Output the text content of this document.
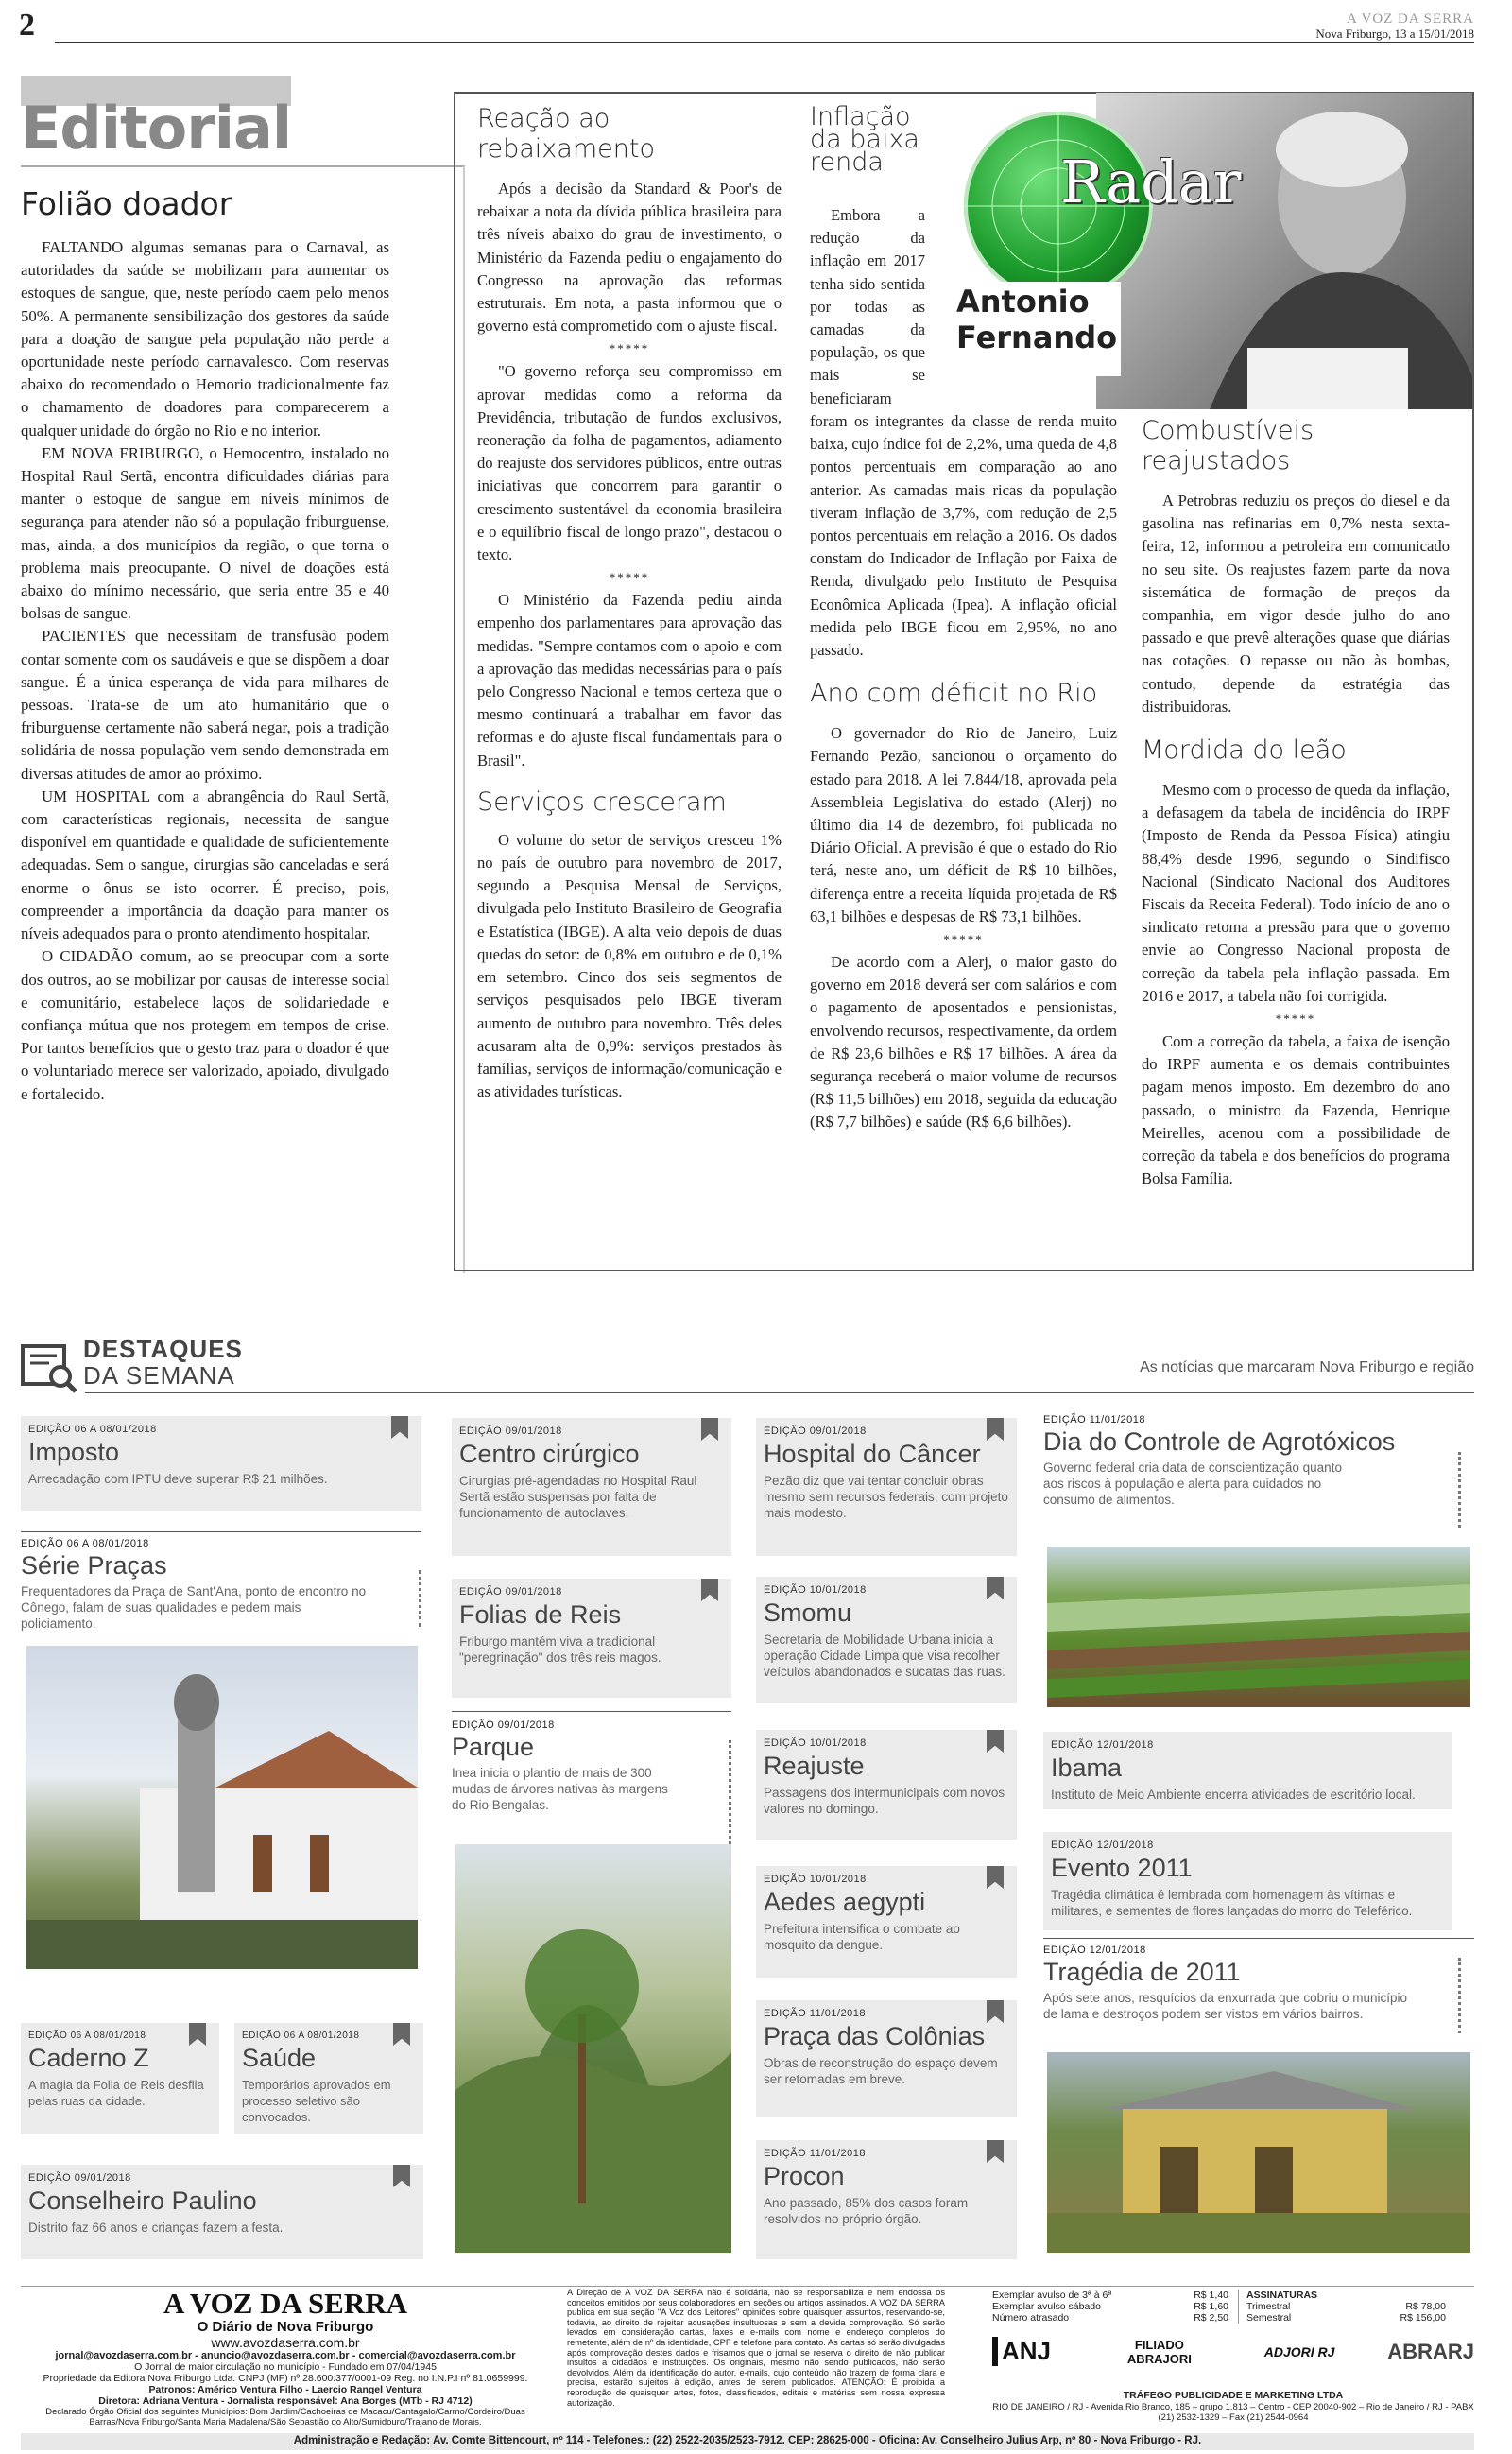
2	A VOZ DA SERRA
Nova Friburgo, 13 a 15/01/2018
Editorial
Folião doador

FALTANDO algumas semanas para o Carnaval, as autoridades da saúde se mobilizam para aumentar os estoques de sangue, que, neste período caem pelo menos 50%. A permanente sensibilização dos gestores da saúde para a doação de sangue pela população não perde a oportunidade neste período carnavalesco. Com reservas abaixo do recomendado o Hemorio tradicionalmente faz o chamamento de doadores para comparecerem a qualquer unidade do órgão no Rio e no interior.

EM NOVA FRIBURGO, o Hemocentro, instalado no Hospital Raul Sertã, encontra dificuldades diárias para manter o estoque de sangue em níveis mínimos de segurança para atender não só a população friburguense, mas, ainda, a dos municípios da região, o que torna o problema mais preocupante. O nível de doações está abaixo do mínimo necessário, que seria entre 35 e 40 bolsas de sangue.

PACIENTES que necessitam de transfusão podem contar somente com os saudáveis e que se dispõem a doar sangue. É a única esperança de vida para milhares de pessoas. Trata-se de um ato humanitário que o friburguense certamente não saberá negar, pois a tradição solidária de nossa população vem sendo demonstrada em diversas atitudes de amor ao próximo.

UM HOSPITAL com a abrangência do Raul Sertã, com características regionais, necessita de sangue disponível em quantidade e qualidade de suficientemente adequadas. Sem o sangue, cirurgias são canceladas e será enorme o ônus se isto ocorrer. É preciso, pois, compreender a importância da doação para manter os níveis adequados para o pronto atendimento hospitalar.

O CIDADÃO comum, ao se preocupar com a sorte dos outros, ao se mobilizar por causas de interesse social e comunitário, estabelece laços de solidariedade e confiança mútua que nos protegem em tempos de crise. Por tantos benefícios que o gesto traz para o doador é que o voluntariado merece ser valorizado, apoiado, divulgado e fortalecido.

Reação ao rebaixamento

Após a decisão da Standard & Poor's de rebaixar a nota da dívida pública brasileira para três níveis abaixo do grau de investimento, o Ministério da Fazenda pediu o engajamento do Congresso na aprovação das reformas estruturais. Em nota, a pasta informou que o governo está comprometido com o ajuste fiscal.

*****

"O governo reforça seu compromisso em aprovar medidas como a reforma da Previdência, tributação de fundos exclusivos, reoneração da folha de pagamentos, adiamento do reajuste dos servidores públicos, entre outras iniciativas que concorrem para garantir o crescimento sustentável da economia brasileira e o equilíbrio fiscal de longo prazo", destacou o texto.

*****

O Ministério da Fazenda pediu ainda empenho dos parlamentares para aprovação das medidas. "Sempre contamos com o apoio e com a aprovação das medidas necessárias para o país pelo Congresso Nacional e temos certeza que o mesmo continuará a trabalhar em favor das reformas e do ajuste fiscal fundamentais para o Brasil".

Serviços cresceram

O volume do setor de serviços cresceu 1% no país de outubro para novembro de 2017, segundo a Pesquisa Mensal de Serviços, divulgada pelo Instituto Brasileiro de Geografia e Estatística (IBGE). A alta veio depois de duas quedas do setor: de 0,8% em outubro e de 0,1% em setembro. Cinco dos seis segmentos de serviços pesquisados pelo IBGE tiveram aumento de outubro para novembro. Três deles acusaram alta de 0,9%: serviços prestados às famílias, serviços de informação/comunicação e as atividades turísticas.

Inflação da baixa renda
Embora a redução da inflação em 2017 tenha sido sentida por todas as camadas da população, os que mais se beneficiaram

foram os integrantes da classe de renda muito baixa, cujo índice foi de 2,2%, uma queda de 4,8 pontos percentuais em comparação ao ano anterior. As camadas mais ricas da população tiveram inflação de 3,7%, com redução de 2,5 pontos percentuais em relação a 2016. Os dados constam do Indicador de Inflação por Faixa de Renda, divulgado pelo Instituto de Pesquisa Econômica Aplicada (Ipea). A inflação oficial medida pelo IBGE ficou em 2,95%, no ano passado.

Ano com déficit no Rio

O governador do Rio de Janeiro, Luiz Fernando Pezão, sancionou o orçamento do estado para 2018. A lei 7.844/18, aprovada pela Assembleia Legislativa do estado (Alerj) no último dia 14 de dezembro, foi publicada no Diário Oficial. A previsão é que o estado do Rio terá, neste ano, um déficit de R$ 10 bilhões, diferença entre a receita líquida projetada de R$ 63,1 bilhões e despesas de R$ 73,1 bilhões.

*****

De acordo com a Alerj, o maior gasto do governo em 2018 deverá ser com salários e com o pagamento de aposentados e pensionistas, envolvendo recursos, respectivamente, da ordem de R$ 23,6 bilhões e R$ 17 bilhões. A área da segurança receberá o maior volume de recursos (R$ 11,5 bilhões) em 2018, seguida da educação (R$ 7,7 bilhões) e saúde (R$ 6,6 bilhões).

Radar
Antonio
Fernando
Combustíveis reajustados

A Petrobras reduziu os preços do diesel e da gasolina nas refinarias em 0,7% nesta sexta-feira, 12, informou a petroleira em comunicado no seu site. Os reajustes fazem parte da nova sistemática de formação de preços da companhia, em vigor desde julho do ano passado e que prevê alterações quase que diárias nas cotações. O repasse ou não às bombas, contudo, depende da estratégia das distribuidoras.

Mordida do leão

Mesmo com o processo de queda da inflação, a defasagem da tabela de incidência do IRPF (Imposto de Renda da Pessoa Física) atingiu 88,4% desde 1996, segundo o Sindifisco Nacional (Sindicato Nacional dos Auditores Fiscais da Receita Federal). Todo início de ano o sindicato retoma a pressão para que o governo envie ao Congresso Nacional proposta de correção da tabela pela inflação passada. Em 2016 e 2017, a tabela não foi corrigida.

*****

Com a correção da tabela, a faixa de isenção do IRPF aumenta e os demais contribuintes pagam menos imposto. Em dezembro do ano passado, o ministro da Fazenda, Henrique Meirelles, acenou com a possibilidade de correção da tabela e dos benefícios do programa Bolsa Família.

DESTAQUES
DA SEMANA	As notícias que marcaram Nova Friburgo e região
EDIÇÃO 06 A 08/01/2018
Imposto
Arrecadação com IPTU deve superar R$ 21 milhões.
EDIÇÃO 06 A 08/01/2018
Série Praças
Frequentadores da Praça de Sant'Ana, ponto de encontro no Cônego, falam de suas qualidades e pedem mais policiamento.
EDIÇÃO 06 A 08/01/2018
Caderno Z
A magia da Folia de Reis desfila pelas ruas da cidade.
EDIÇÃO 06 A 08/01/2018
Saúde
Temporários aprovados em processo seletivo são convocados.
EDIÇÃO 09/01/2018
Conselheiro Paulino
Distrito faz 66 anos e crianças fazem a festa.
EDIÇÃO 09/01/2018
Centro cirúrgico
Cirurgias pré-agendadas no Hospital Raul Sertã estão suspensas por falta de funcionamento de autoclaves.
EDIÇÃO 09/01/2018
Folias de Reis
Friburgo mantém viva a tradicional "peregrinação" dos três reis magos.
EDIÇÃO 09/01/2018
Parque
Inea inicia o plantio de mais de 300 mudas de árvores nativas às margens do Rio Bengalas.
EDIÇÃO 09/01/2018
Hospital do Câncer
Pezão diz que vai tentar concluir obras mesmo sem recursos federais, com projeto mais modesto.
EDIÇÃO 10/01/2018
Smomu
Secretaria de Mobilidade Urbana inicia a operação Cidade Limpa que visa recolher veículos abandonados e sucatas das ruas.
EDIÇÃO 10/01/2018
Reajuste
Passagens dos intermunicipais com novos valores no domingo.
EDIÇÃO 10/01/2018
Aedes aegypti
Prefeitura intensifica o combate ao mosquito da dengue.
EDIÇÃO 11/01/2018
Praça das Colônias
Obras de reconstrução do espaço devem ser retomadas em breve.
EDIÇÃO 11/01/2018
Procon
Ano passado, 85% dos casos foram resolvidos no próprio órgão.
EDIÇÃO 11/01/2018
Dia do Controle de Agrotóxicos
Governo federal cria data de conscientização quanto aos riscos à população e alerta para cuidados no consumo de alimentos.
EDIÇÃO 12/01/2018
Ibama
Instituto de Meio Ambiente encerra atividades de escritório local.
EDIÇÃO 12/01/2018
Evento 2011
Tragédia climática é lembrada com homenagem às vítimas e militares, e sementes de flores lançadas do morro do Teleférico.
EDIÇÃO 12/01/2018
Tragédia de 2011
Após sete anos, resquícios da enxurrada que cobriu o município de lama e destroços podem ser vistos em vários bairros.
A VOZ DA SERRA
O Diário de Nova Friburgo
www.avozdaserra.com.br
jornal@avozdaserra.com.br - anuncio@avozdaserra.com.br - comercial@avozdaserra.com.br
O Jornal de maior circulação no município - Fundado em 07/04/1945
Propriedade da Editora Nova Friburgo Ltda. CNPJ (MF) nº 28.600.377/0001-09 Reg. no I.N.P.I nº 81.0659999.
Patronos: Américo Ventura Filho - Laercio Rangel Ventura
Diretora: Adriana Ventura - Jornalista responsável: Ana Borges (MTb - RJ 4712)
Declarado Órgão Oficial dos seguintes Municípios: Bom Jardim/Cachoeiras de Macacu/Cantagalo/Carmo/Cordeiro/Duas Barras/Nova Friburgo/Santa Maria Madalena/São Sebastião do Alto/Sumidouro/Trajano de Morais.
A Direção de A VOZ DA SERRA não é solidária, não se responsabiliza e nem endossa os conceitos emitidos por seus colaboradores em seções ou artigos assinados. A VOZ DA SERRA publica em sua seção "A Voz dos Leitores" opiniões sobre quaisquer assuntos, reservando-se, todavia, ao direito de rejeitar acusações insultuosas e sem a devida comprovação. Só serão levados em consideração cartas, faxes e e-mails com nome e endereço completos do remetente, além de nº da identidade, CPF e telefone para contato. As cartas só serão divulgadas após comprovação destes dados e frisamos que o jornal se reserva o direito de não publicar insultos a cidadãos e instituições. Os originais, mesmo não sendo publicados, não serão devolvidos. Além da identificação do autor, e-mails, cujo conteúdo não trazem de forma clara e precisa, estarão sujeitos à edição, antes de serem publicados. ATENÇÃO: É proibida a reprodução de quaisquer artes, fotos, classificados, editais e matérias sem nossa expressa autorização.
Exemplar avulso de 3ª à 6ª	R$ 1,40
Exemplar avulso sábado	R$ 1,60
Número atrasado	R$ 2,50
ASSINATURAS
Trimestral	R$ 78,00
Semestral	R$ 156,00
ANJ	FILIADO ABRAJORI	ADJORI RJ	ABRARJ
TRÁFEGO PUBLICIDADE E MARKETING LTDA
RIO DE JANEIRO / RJ - Avenida Rio Branco, 185 – grupo 1.813 – Centro - CEP 20040-902 – Rio de Janeiro / RJ - PABX (21) 2532-1329 – Fax (21) 2544-0964
Administração e Redação: Av. Comte Bittencourt, nº 114 - Telefones.: (22) 2522-2035/2523-7912. CEP: 28625-000 - Oficina: Av. Conselheiro Julius Arp, nº 80 - Nova Friburgo - RJ.
